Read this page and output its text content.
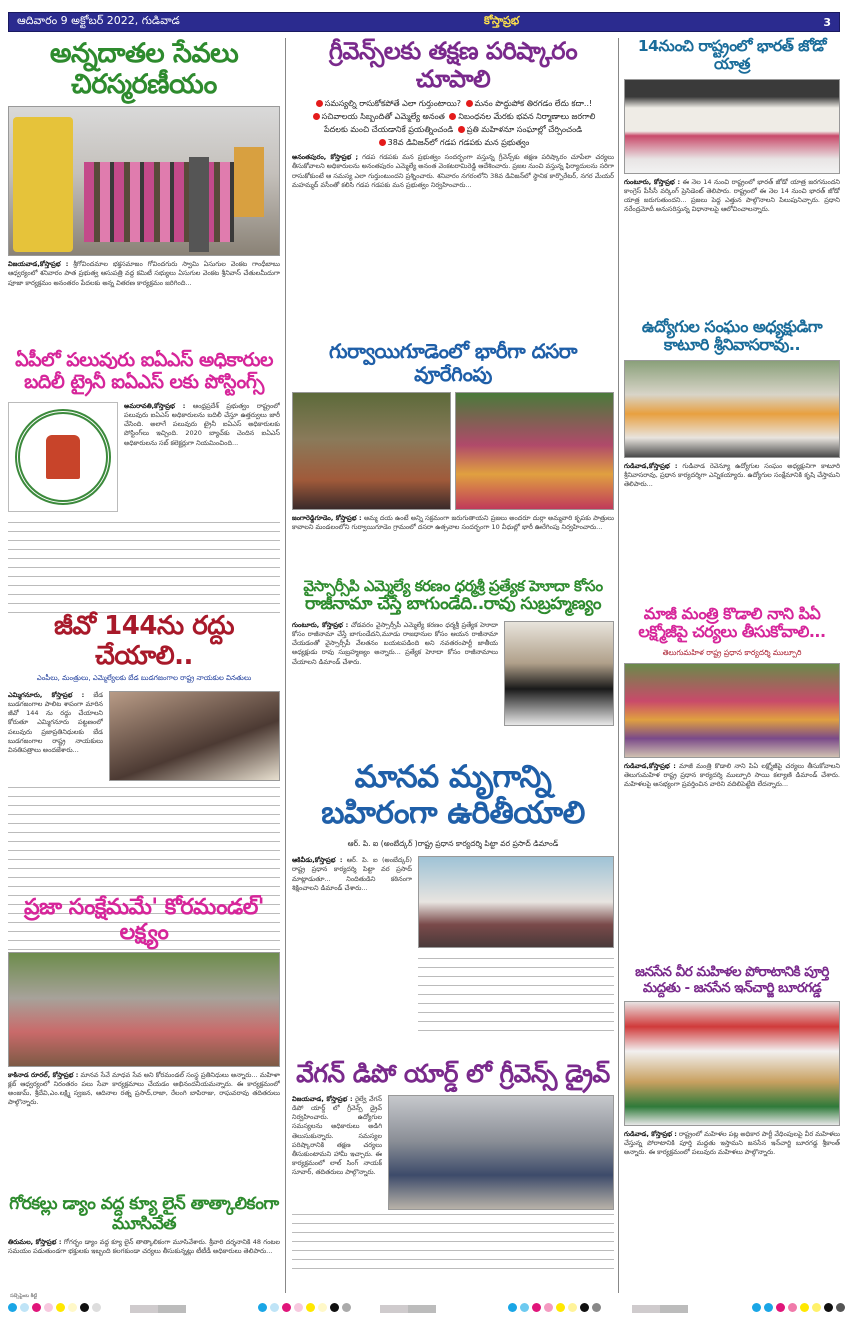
ఆదివారం 9 అక్టోబర్ 2022, గుడివాడ	కోస్తాప్రభ	3
అన్నదాతల సేవలు చిరస్మరణీయం
విజయవాడ,కోస్తాప్రభ : శ్రీగోవిందమాల భక్తసమాజం గోవిందగురు స్వామి ఏసుగుల వెంకట గాంధీబాబు ఆధ్వర్యంలో శనివారం పాత ప్రభుత్వ ఆసుపత్రి వద్ద కమిటీ సభ్యులు ఏసుగుల వెంకట శ్రీనివాస్ చేతులమీదుగా పూజా కార్యక్రమం అనంతరం పేదలకు అన్న వితరణ కార్యక్రమం జరిగింది...
ఏపీలో పలువురు ఐఏఎస్ అధికారుల
బదిలీ ట్రైనీ ఐఏఎస్ లకు పోస్టింగ్స్
అమరావతి,కోస్తాప్రభ : ఆంధ్రప్రదేశ్ ప్రభుత్వం రాష్ట్రంలో పలువురు ఐఏఎస్ అధికారులను బదిలీ చేస్తూ ఉత్తర్వులు జారీ చేసింది. అలాగే పలువురు ట్రైనీ ఐఏఎస్ అధికారులకు పోస్టింగ్‌లు ఇచ్చింది. 2020 బ్యాచ్‌కు చెందిన ఐఏఎస్ అధికారులను సబ్ కలెక్టర్లుగా నియమించింది...
జీవో 144ను రద్దు చేయాలి..
ఎంపీలు, మంత్రులు, ఎమ్మెల్యేలకు బేడ బుడగజంగాల రాష్ట్ర నాయకుల వినతులు
ఎమ్మిగనూరు, కోస్తాప్రభ : బేడ బుడగజంగాల పాలిట శాపంగా మారిన జీవో 144 ను రద్దు చేయాలని కోరుతూ ఎమ్మిగనూరు పట్టణంలో పలువురు ప్రజాప్రతినిధులకు బేడ బుడగజంగాల రాష్ట్ర నాయకులు వినతిపత్రాలు అందజేశారు...
ప్రజా సంక్షేమమే' కోరమండల్' లక్ష్యం
కాకినాడ రూరల్, కోస్తాప్రభ : మానవ సేవే మాధవ సేవ అని కోరమండల్ సంస్థ ప్రతినిధులు అన్నారు... మహిళా క్లబ్ ఆధ్వర్యంలో నిరంతరం పలు సేవా కార్యక్రమాలు చేయడం అభినందనీయమన్నారు. ఈ కార్యక్రమంలో అంజుమ్, శ్రీదేవి,ఎం.లక్ష్మి స్వజన, ఆదినాల రత్న ప్రసాద్,రాజా, రేలంగి బాపిరాజు, రాఘవరావు తదితరులు పాల్గొన్నారు.
గోరకల్లు డ్యాం వద్ద క్యూ లైన్ తాత్కాలికంగా మూసివేత
తిరుమల, కోస్తాప్రభ : గోగర్భం డ్యాం వద్ద క్యూ లైన్ తాత్కాలికంగా మూసివేశారు. శ్రీవారి దర్శనానికి 48 గంటల సమయం పడుతుండగా భక్తులకు ఇబ్బంది కలగకుండా చర్యలు తీసుకున్నట్లు టీటీడీ అధికారులు తెలిపారు...
గ్రీవెన్స్‌లకు తక్షణ పరిష్కారం చూపాలి
సమస్యల్ని రాసుకోకపోతే ఎలా గుర్తుంటాయి? మనం పొద్దుపోక తిరగడం లేదు కదా..!
సచివాలయ సిబ్బందితో ఎమ్మెల్యే అనంత నిబంధనల మేరకు భవన నిర్మాణాలు జరగాలి
పేదలకు మంచి చేయడానికే ప్రయత్నించండి ప్రతి మహిళనూ సంఘాల్లో చేర్పించండి
38వ డివిజన్‌లో గడప గడపకు మన ప్రభుత్వం
అనంతపురం, కోస్తాప్రభ ; గడప గడపకు మన ప్రభుత్వం సందర్భంగా వస్తున్న గ్రీవెన్స్‌కు తక్షణ పరిష్కారం చూపేలా చర్యలు తీసుకోవాలని అధికారులను అనంతపురం ఎమ్మెల్యే అనంత వెంకటరామిరెడ్డి ఆదేశించారు. ప్రజల నుంచి వస్తున్న ఫిర్యాదులను సరిగా రాసుకోకుంటే ఆ సమస్య ఎలా గుర్తుంటుందని ప్రశ్నించారు. శనివారం నగరంలోని 38వ డివిజన్‌లో స్థానిక కార్పొరేటర్, నగర మేయర్ మహమ్మద్ వసీంతో కలిసి గడప గడపకు మన ప్రభుత్వం నిర్వహించారు...
గుర్వాయిగూడెంలో భారీగా దసరా వూరేగింపు
జంగారెడ్డిగూడెం, కోస్తాప్రభ : అమ్మ దయ ఉంటే అన్ని సక్రమంగా జరుగుతాయని ప్రజలు అందరూ దుర్గా అమ్మవారి కృపకు పాత్రులు కావాలని మండలంలోని గుర్వాయిగూడెం గ్రామంలో దసరా ఉత్సవాల సందర్భంగా 10 వీధుల్లో భారీ ఊరేగింపు నిర్వహించారు...
వైస్సార్సీపి ఎమ్మెల్యే కరణం ధర్మశ్రీ ప్రత్యేక హెూదా కోసం
రాజీనామా చేస్తే బాగుండేది..రావు సుబ్రహ్మణ్యం
గుంటూరు, కోస్తాప్రభ : చోడవరం వైస్సార్సీపీ ఎమ్మెల్యే కరణం ధర్మశ్రీ ప్రత్యేక హెూదా కోసం రాజీనామా చేస్తే బాగుండేదని,మూడు రాజధానుల కోసం ఆయన రాజీనామా చేయడంతో వైస్సార్సీపీ వేలతనం బయటపడింది అని నవతరంపార్టీ జాతీయ అధ్యక్షుడు రావు సుబ్రహ్మణ్యం అన్నారు... ప్రత్యేక హెూదా కోసం రాజీనామాలు చేయాలని డిమాండ్ చేశారు.
మానవ మృగాన్ని బహిరంగా ఉరితీయాలి
ఆర్. పి. ఐ (అంబేద్కర్ )రాష్ట్ర ప్రధాన కార్యదర్శి పిట్టా వర ప్రసాద్ డిమాండ్
ఆకివీడు,కోస్తాప్రభ : ఆర్. పి. ఐ (అంబేద్కర్) రాష్ట్ర ప్రధాన కార్యదర్శి పిట్టా వర ప్రసాద్ మాట్లాడుతూ... నిందితుడిని కఠినంగా శిక్షించాలని డిమాండ్ చేశారు...
వేగన్ డిపో యార్డ్ లో గ్రీవెన్స్ డ్రైవ్
విజయవాడ, కోస్తాప్రభ : రైల్వే వేగన్ డిపో యార్డ్ లో గ్రీవెన్స్ డ్రైవ్ నిర్వహించారు. ఉద్యోగుల సమస్యలను అధికారులు అడిగి తెలుసుకున్నారు. సమస్యల పరిష్కారానికి తక్షణ చర్యలు తీసుకుంటామని హామీ ఇచ్చారు. ఈ కార్యక్రమంలో లాల్ సింగ్ నాయక్ సూవార్, తదితరులు పాల్గొన్నారు.
14నుంచి రాష్ట్రంలో భారత్ జోడో యాత్ర
గుంటూరు, కోస్తాప్రభ : ఈ నెల 14 నుంచి రాష్ట్రంలో భారత్ జోడో యాత్ర జరగనుందని కాంగ్రెస్ పీసీసీ వర్కింగ్ ప్రెసిడెంట్ తెలిపారు. రాష్ట్రంలో ఈ నెల 14 నుంచి భారత్ జోడో యాత్ర జరుగుతుందని... ప్రజలు పెద్ద ఎత్తున పాల్గొనాలని పిలుపునిచ్చారు. ప్రధాని నరేంద్రమోదీ అనుసరిస్తున్న విధానాలపై ఆలోచించాలన్నారు.
ఉద్యోగుల సంఘం అధ్యక్షుడిగా
కాటూరి శ్రీనివాసరావు..
గుడివాడ,కోస్తాప్రభ : గుడివాడ రెవెన్యూ ఉద్యోగుల సంఘం అధ్యక్షునిగా కాటూరి శ్రీనివాసరావు, ప్రధాన కార్యదర్శిగా ఎన్నికయ్యారు. ఉద్యోగుల సంక్షేమానికి కృషి చేస్తామని తెలిపారు...
మాజీ మంత్రి కొడాలి నాని పిఏ
లక్ష్మోజీపై చర్యలు తీసుకోవాలి...
తెలుగుమహిళ రాష్ట్ర ప్రధాన కార్యదర్శి ముల్పూరి
గుడివాడ,కోస్తాప్రభ : మాజీ మంత్రి కొడాలి నాని పిఏ లక్ష్మోజీపై చర్యలు తీసుకోవాలని తెలుగుమహిళ రాష్ట్ర ప్రధాన కార్యదర్శి ముల్పూరి సాయి కల్యాణి డిమాండ్ చేశారు. మహిళలపై అసభ్యంగా ప్రవర్తించిన వారిని వదిలిపెట్టేది లేదన్నారు...
జనసేన వీర మహిళల పోరాటానికి పూర్తి
మద్దతు - జనసేన ఇన్‌చార్జి బూరగడ్డ
గుడివాడ, కోస్తాప్రభ : రాష్ట్రంలో మహిళల పట్ల అధికార పార్టీ వేధింపులపై వీర మహిళలు చేస్తున్న పోరాటానికి పూర్తి మద్దతు ఇస్తామని జనసేన ఇన్‌చార్జి బూరగడ్డ శ్రీకాంత్ అన్నారు. ఈ కార్యక్రమంలో పలువురు మహిళలు పాల్గొన్నారు.
సబ్సెప్టెంబ కిట్టి
